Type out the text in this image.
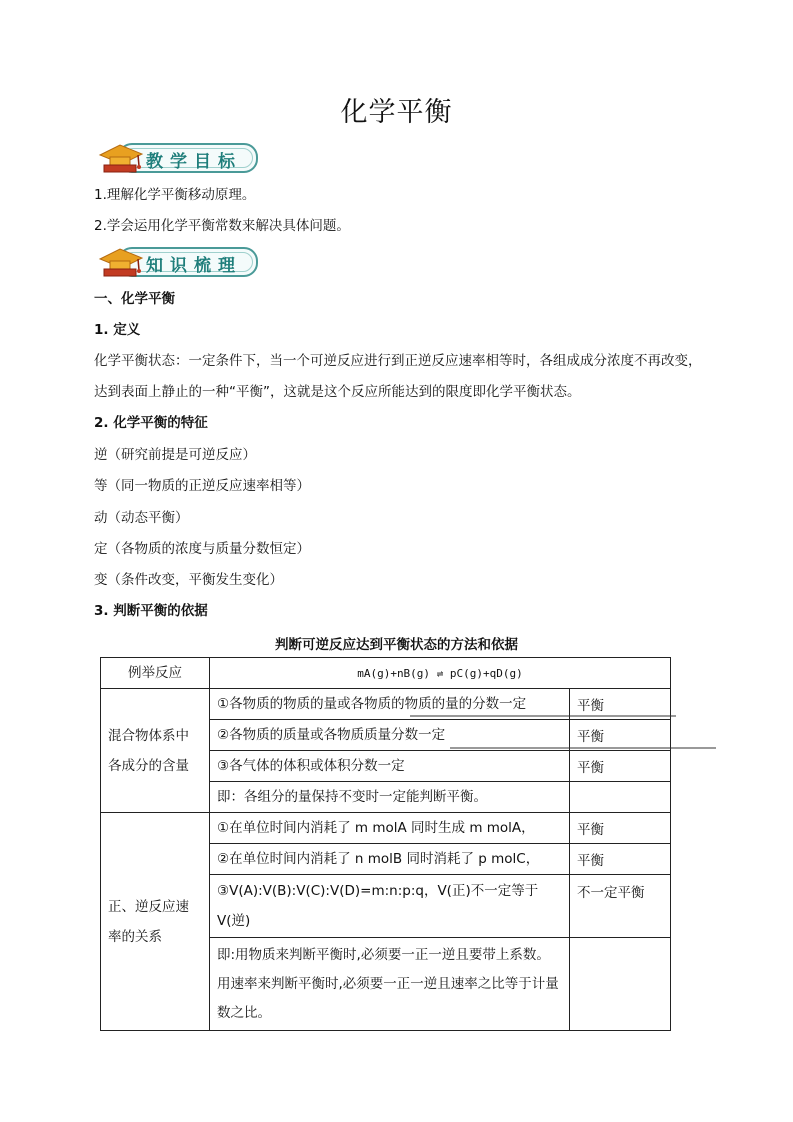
化学平衡
教学目标
1.理解化学平衡移动原理。
2.学会运用化学平衡常数来解决具体问题。
知识梳理
一、化学平衡
1. 定义
化学平衡状态：一定条件下，当一个可逆反应进行到正逆反应速率相等时，各组成成分浓度不再改变，达到表面上静止的一种“平衡”，这就是这个反应所能达到的限度即化学平衡状态。
2. 化学平衡的特征
逆（研究前提是可逆反应）
等（同一物质的正逆反应速率相等）
动（动态平衡）
定（各物质的浓度与质量分数恒定）
变（条件改变，平衡发生变化）
3. 判断平衡的依据
判断可逆反应达到平衡状态的方法和依据
例举反应	mA(g)+nB(g) ⇌ pC(g)+qD(g)	
混合物体系中各成分的含量	①各物质的物质的量或各物质的物质的量的分数一定	平衡
	②各物质的质量或各物质质量分数一定	平衡
	③各气体的体积或体积分数一定	平衡
	即：各组分的量保持不变时一定能判断平衡。	
正、逆反应速率的关系	①在单位时间内消耗了 m molA 同时生成 m molA，	平衡
	②在单位时间内消耗了 n molB 同时消耗了 p molC，	平衡
	③V(A):V(B):V(C):V(D)=m:n:p:q，V(正)不一定等于V(逆)	不一定平衡
	即:用物质来判断平衡时,必须要一正一逆且要带上系数。用速率来判断平衡时,必须要一正一逆且速率之比等于计量数之比。	
